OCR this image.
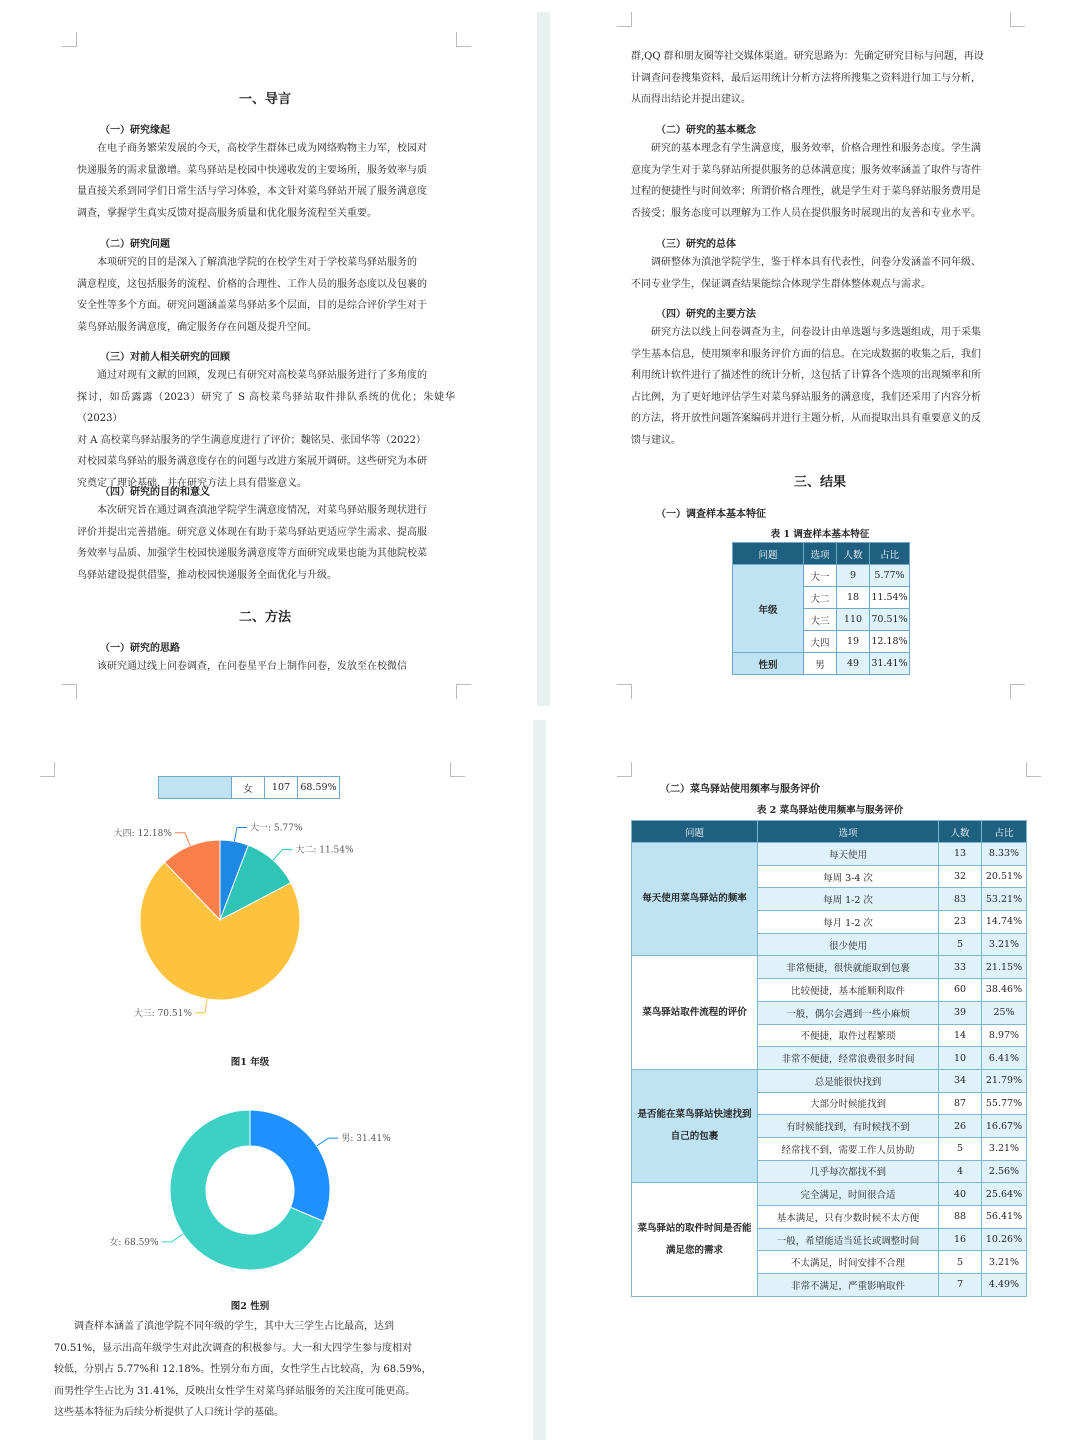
一、导言
（一）研究缘起
在电子商务繁荣发展的今天，高校学生群体已成为网络购物主力军，校园对
快递服务的需求量激增。菜鸟驿站是校园中快递收发的主要场所，服务效率与质
量直接关系到同学们日常生活与学习体验，本文针对菜鸟驿站开展了服务满意度
调查，掌握学生真实反馈对提高服务质量和优化服务流程至关重要。
（二）研究问题
本项研究的目的是深入了解滇池学院的在校学生对于学校菜鸟驿站服务的
满意程度，这包括服务的流程、价格的合理性、工作人员的服务态度以及包裹的
安全性等多个方面。研究问题涵盖菜鸟驿站多个层面，目的是综合评价学生对于
菜鸟驿站服务满意度，确定服务存在问题及提升空间。
（三）对前人相关研究的回顾
通过对现有文献的回顾，发现已有研究对高校菜鸟驿站服务进行了多角度的
探讨，如岳露露（2023）研究了 S 高校菜鸟驿站取件排队系统的优化；朱婕华（2023）
对 A 高校菜鸟驿站服务的学生满意度进行了评价；魏铭昊、张国华等（2022）
对校园菜鸟驿站的服务满意度存在的问题与改进方案展开调研。这些研究为本研
究奠定了理论基础，并在研究方法上具有借鉴意义。
（四）研究的目的和意义
本次研究旨在通过调查滇池学院学生满意度情况，对菜鸟驿站服务现状进行
评价并提出完善措施。研究意义体现在有助于菜鸟驿站更适应学生需求、提高服
务效率与品质、加强学生校园快递服务满意度等方面研究成果也能为其他院校菜
鸟驿站建设提供借鉴，推动校园快递服务全面优化与升级。
二、方法
（一）研究的思路
该研究通过线上问卷调查，在问卷星平台上制作问卷，发放至在校微信
群,QQ 群和朋友圈等社交媒体渠道。研究思路为：先确定研究目标与问题，再设
计调查问卷搜集资料，最后运用统计分析方法将所搜集之资料进行加工与分析，
从而得出结论并提出建议。
（二）研究的基本概念
研究的基本理念有学生满意度，服务效率，价格合理性和服务态度。学生满
意度为学生对于菜鸟驿站所提供服务的总体满意度；服务效率涵盖了取件与寄件
过程的便捷性与时间效率；所谓价格合理性，就是学生对于菜鸟驿站服务费用是
否接受；服务态度可以理解为工作人员在提供服务时展现出的友善和专业水平。
（三）研究的总体
调研整体为滇池学院学生，鉴于样本具有代表性，问卷分发涵盖不同年级、
不同专业学生，保证调查结果能综合体现学生群体整体观点与需求。
（四）研究的主要方法
研究方法以线上问卷调查为主，问卷设计由单选题与多选题组成，用于采集
学生基本信息，使用频率和服务评价方面的信息。在完成数据的收集之后，我们
利用统计软件进行了描述性的统计分析，这包括了计算各个选项的出现频率和所
占比例，为了更好地评估学生对菜鸟驿站服务的满意度，我们还采用了内容分析
的方法，将开放性问题答案编码并进行主题分析，从而提取出具有重要意义的反
馈与建议。
三、结果
（一）调查样本基本特征
表 1 调查样本基本特征
问题	选项	人数	占比
年级	大一	9	5.77%
	大二	18	11.54%
	大三	110	70.51%
	大四	19	12.18%
性别	男	49	31.41%
	女	107	68.59%
大一: 5.77%
大二: 11.54%
大三: 70.51%
大四: 12.18%
图1 年级
男: 31.41%
女: 68.59%
图2 性别
调查样本涵盖了滇池学院不同年级的学生，其中大三学生占比最高，达到
70.51%，显示出高年级学生对此次调查的积极参与。大一和大四学生参与度相对
较低，分别占 5.77%和 12.18%。性别分布方面，女性学生占比较高，为 68.59%，
而男性学生占比为 31.41%，反映出女性学生对菜鸟驿站服务的关注度可能更高。
这些基本特征为后续分析提供了人口统计学的基础。
（二）菜鸟驿站使用频率与服务评价
表 2 菜鸟驿站使用频率与服务评价
问题	选项	人数	占比
每天使用菜鸟驿站的频率	每天使用	13	8.33%
	每周 3-4 次	32	20.51%
	每周 1-2 次	83	53.21%
	每月 1-2 次	23	14.74%
	很少使用	5	3.21%
菜鸟驿站取件流程的评价	非常便捷，很快就能取到包裹	33	21.15%
	比较便捷，基本能顺利取件	60	38.46%
	一般，偶尔会遇到一些小麻烦	39	25%
	不便捷，取件过程繁琐	14	8.97%
	非常不便捷，经常浪费很多时间	10	6.41%
是否能在菜鸟驿站快速找到自己的包裹	总是能很快找到	34	21.79%
	大部分时候能找到	87	55.77%
	有时候能找到，有时候找不到	26	16.67%
	经常找不到，需要工作人员协助	5	3.21%
	几乎每次都找不到	4	2.56%
菜鸟驿站的取件时间是否能满足您的需求	完全满足，时间很合适	40	25.64%
	基本满足，只有少数时候不太方便	88	56.41%
	一般，希望能适当延长或调整时间	16	10.26%
	不太满足，时间安排不合理	5	3.21%
	非常不满足，严重影响取件	7	4.49%
